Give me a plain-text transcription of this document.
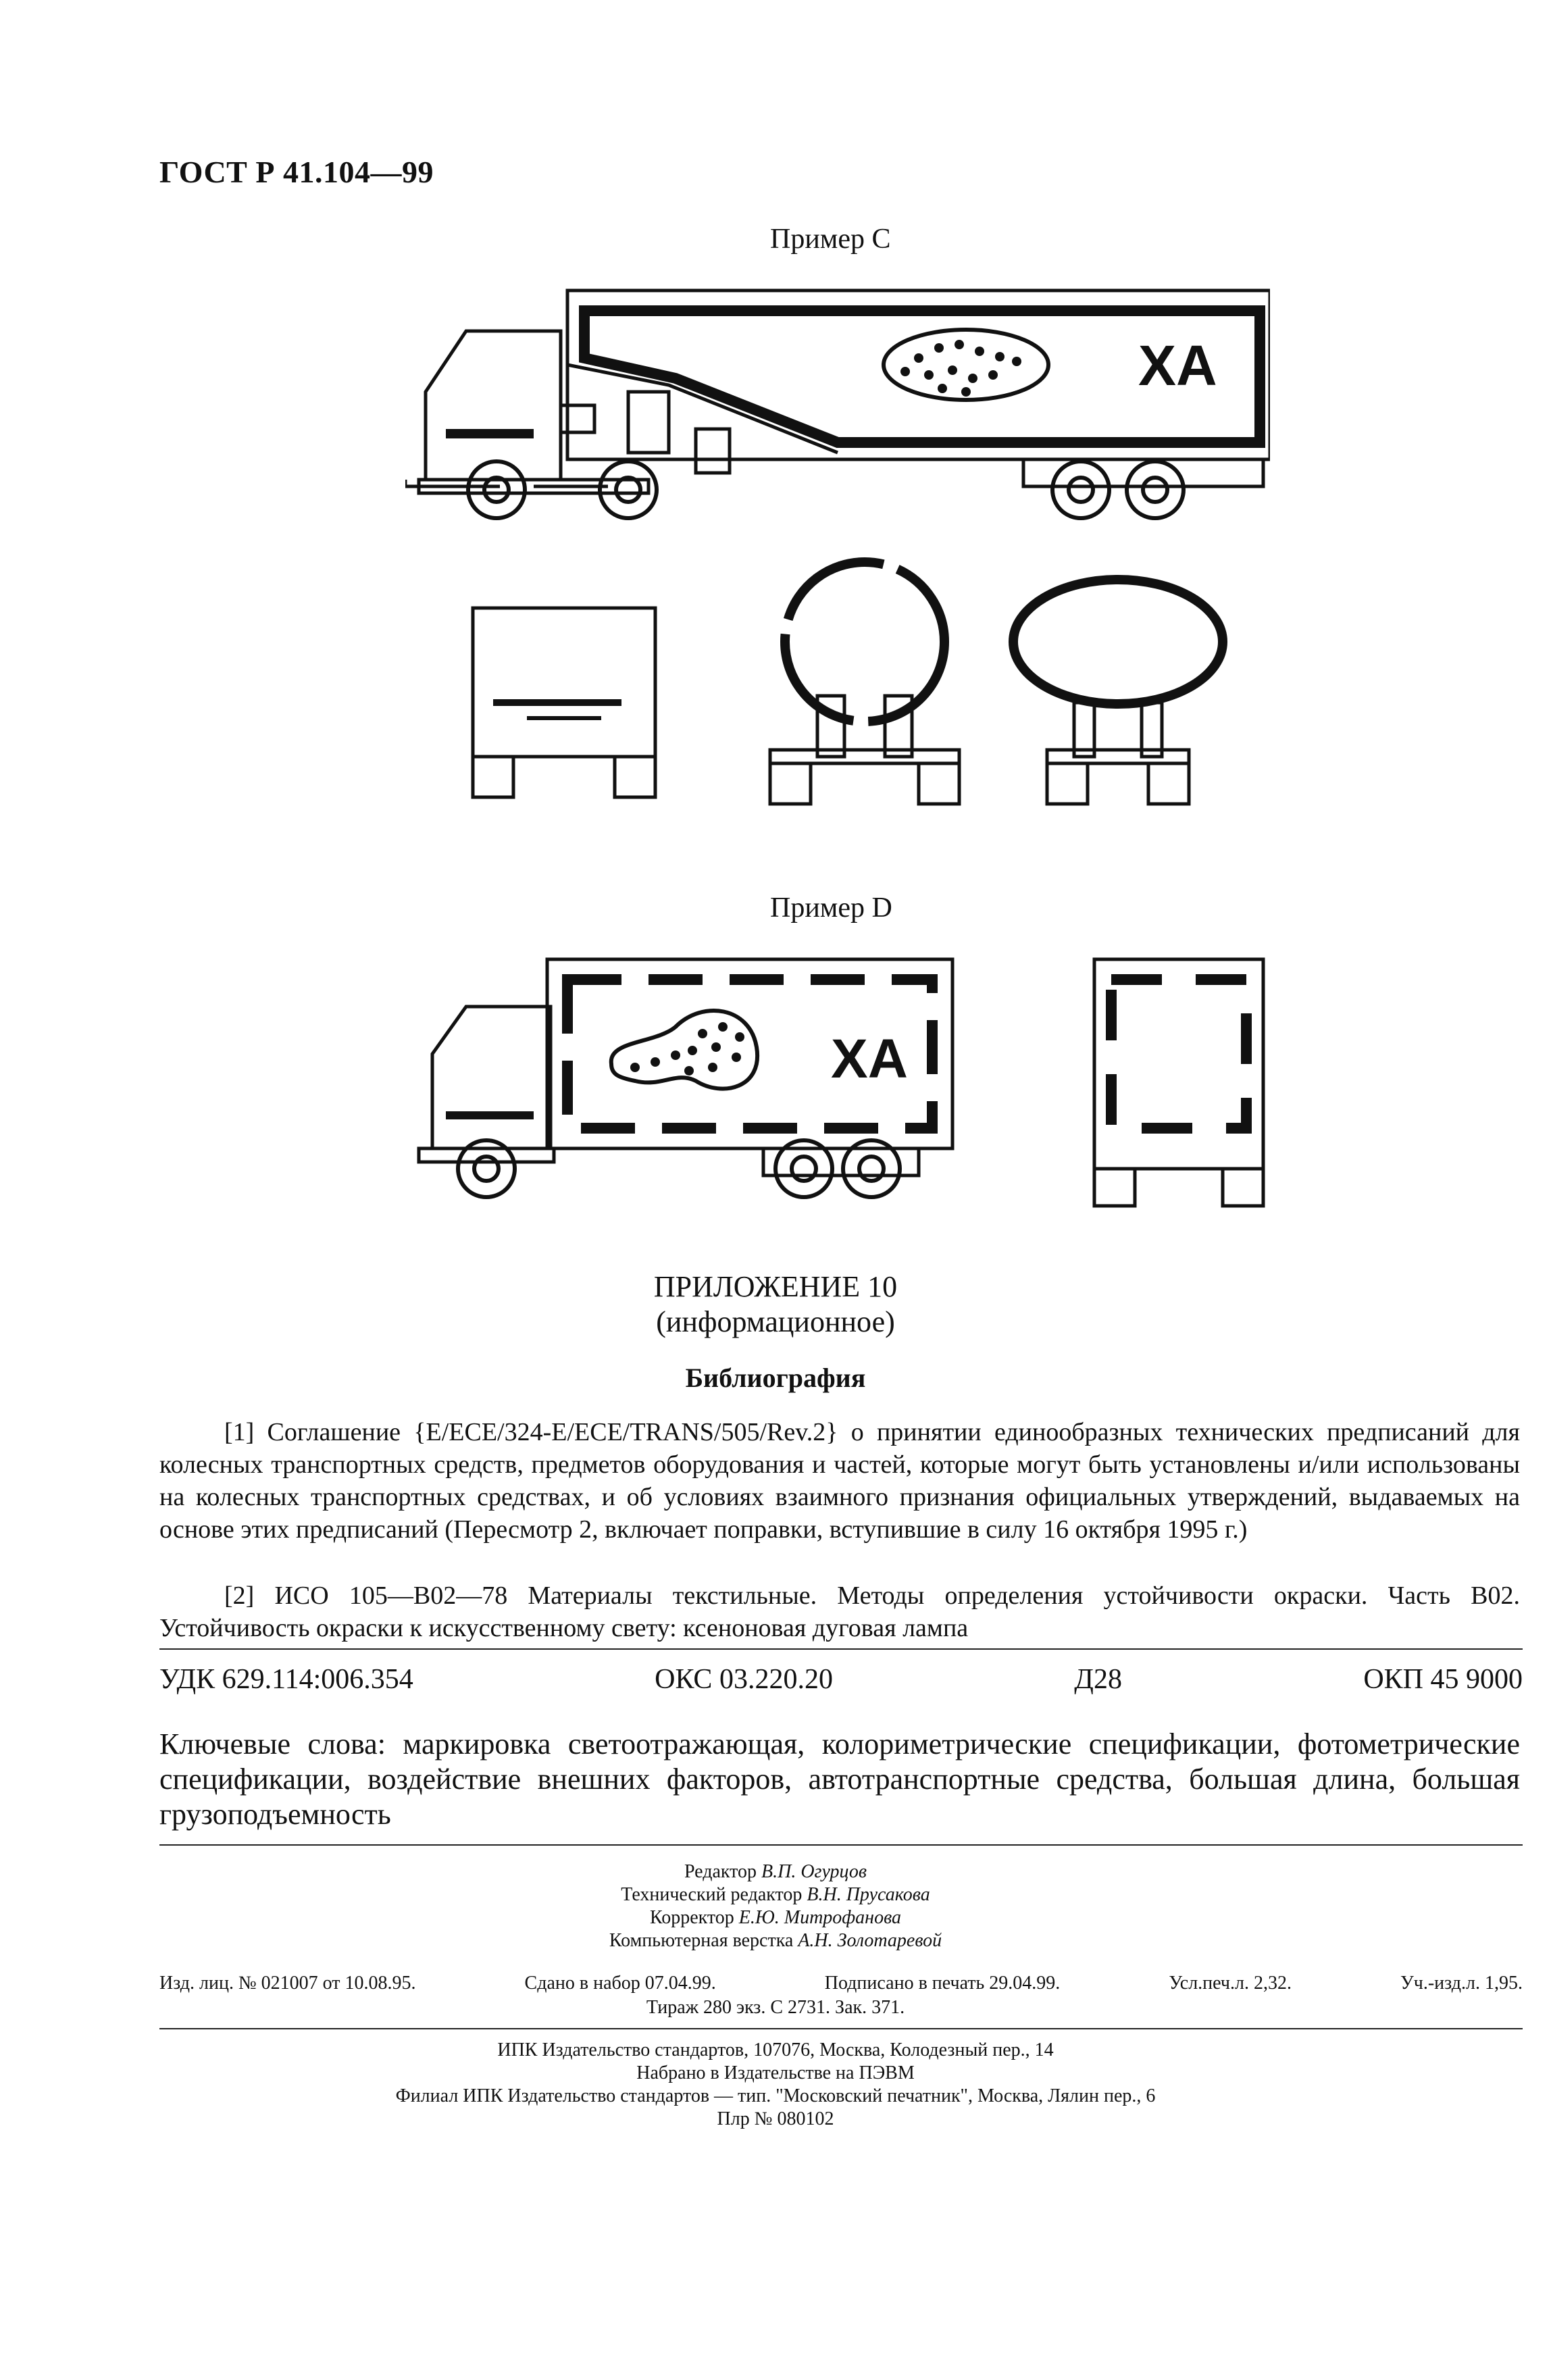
ГОСТ Р 41.104—99
Пример С
ХА
Пример D
ХА
ПРИЛОЖЕНИЕ 10
(информационное)
Библиография
[1] Соглашение {E/ECE/324-E/ECE/TRANS/505/Rev.2} о принятии единообразных технических предписаний для колесных транспортных средств, предметов оборудования и частей, которые могут быть установлены и/или использованы на колесных транспортных средствах, и об условиях взаимного признания официальных утверждений, выдаваемых на основе этих предписаний (Пересмотр 2, включает поправки, вступившие в силу 16 октября 1995 г.)
[2] ИСО 105—В02—78 Материалы текстильные. Методы определения устойчивости окраски. Часть В02. Устойчивость окраски к искусственному свету: ксеноновая дуговая лампа
УДК 629.114:006.354	ОКС 03.220.20	Д28	ОКП 45 9000
Ключевые слова: маркировка светоотражающая, колориметрические спецификации, фотометрические спецификации, воздействие внешних факторов, автотранспортные средства, большая длина, большая грузоподъемность
Редактор В.П. Огурцов
Технический редактор В.Н. Прусакова
Корректор Е.Ю. Митрофанова
Компьютерная верстка А.Н. Золотаревой
Изд. лиц. № 021007 от 10.08.95.	Сдано в набор 07.04.99.	Подписано в печать 29.04.99.	Усл.печ.л. 2,32.	Уч.-изд.л. 1,95.
Тираж 280 экз. С 2731. Зак. 371.
ИПК Издательство стандартов, 107076, Москва, Колодезный пер., 14
Набрано в Издательстве на ПЭВМ
Филиал ИПК Издательство стандартов — тип. "Московский печатник", Москва, Лялин пер., 6
Плр № 080102
